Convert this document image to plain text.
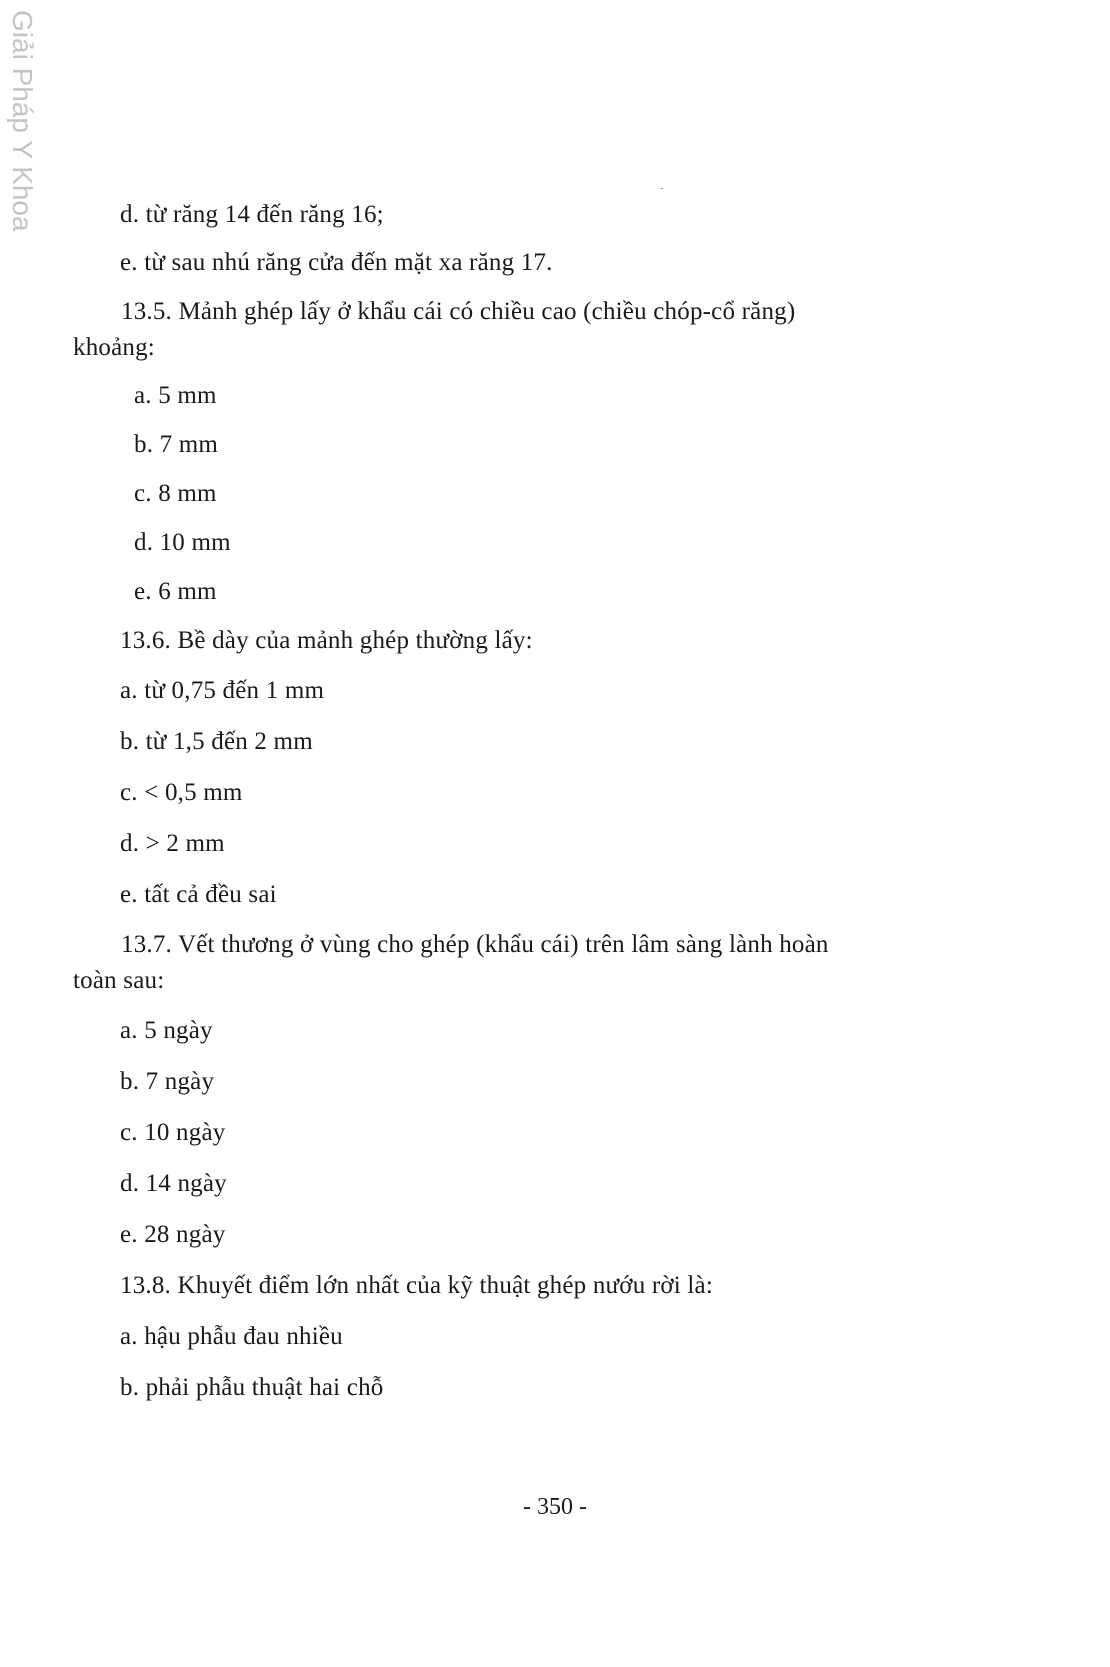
Giải Pháp Y Khoa	d. từ răng 14 đến răng 16;
e. từ sau nhú răng cửa đến mặt xa răng 17.
13.5. Mảnh ghép lấy ở khẩu cái có chiều cao (chiều chóp-cổ răng)
khoảng:
a. 5 mm
b. 7 mm
c. 8 mm
d. 10 mm
e. 6 mm
13.6. Bề dày của mảnh ghép thường lấy:
a. từ 0,75 đến 1 mm
b. từ 1,5 đến 2 mm
c. < 0,5 mm
d. > 2 mm
e. tất cả đều sai
13.7. Vết thương ở vùng cho ghép (khẩu cái) trên lâm sàng lành hoàn
toàn sau:
a. 5 ngày
b. 7 ngày
c. 10 ngày
d. 14 ngày
e. 28 ngày
13.8. Khuyết điểm lớn nhất của kỹ thuật ghép nướu rời là:
a. hậu phẫu đau nhiều
b. phải phẫu thuật hai chỗ
- 350 -
